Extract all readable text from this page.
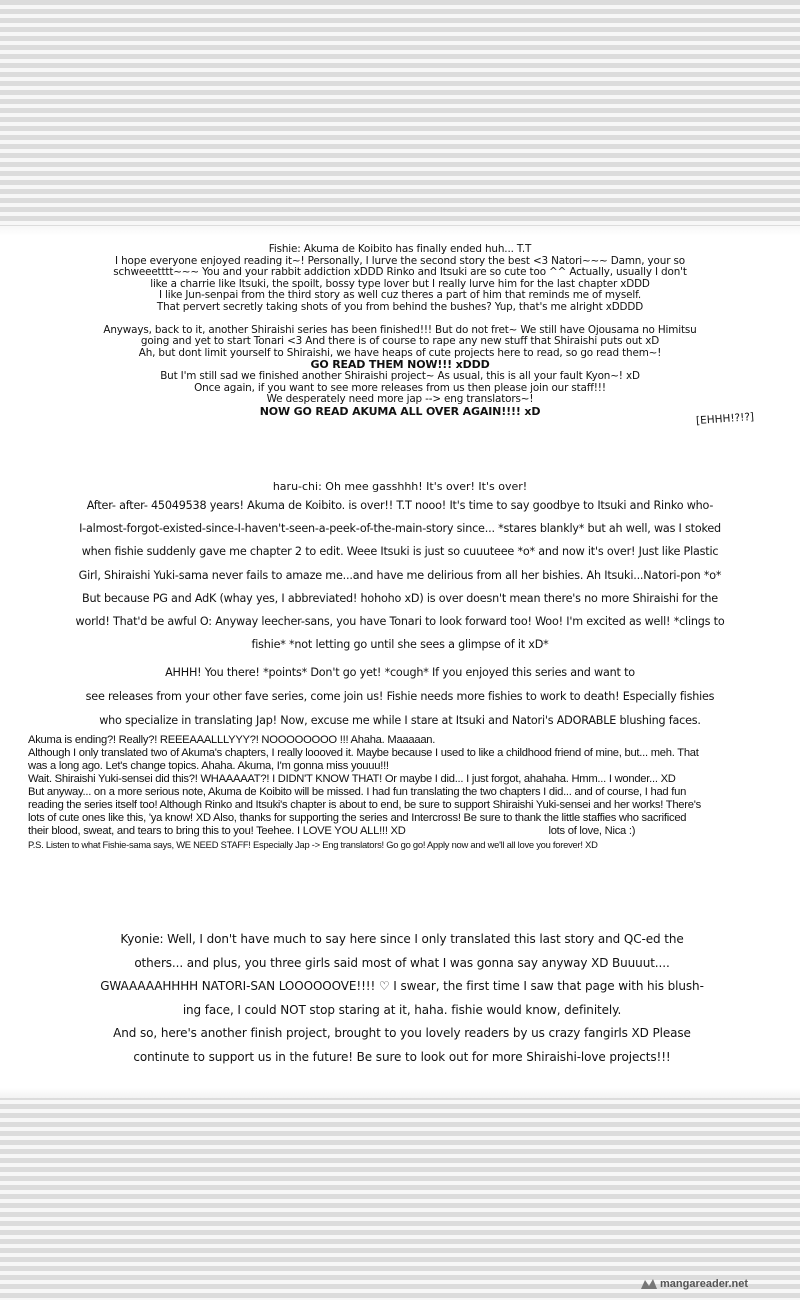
Fishie: Akuma de Koibito has finally ended huh... T.T
I hope everyone enjoyed reading it~! Personally, I lurve the second story the best <3 Natori~~~ Damn, your so
schweeetttt~~~ You and your rabbit addiction xDDD Rinko and Itsuki are so cute too ^^ Actually, usually I don't
like a charrie like Itsuki, the spoilt, bossy type lover but I really lurve him for the last chapter xDDD
I like Jun-senpai from the third story as well cuz theres a part of him that reminds me of myself.
That pervert secretly taking shots of you from behind the bushes? Yup, that's me alright xDDDD
Anyways, back to it, another Shiraishi series has been finished!!! But do not fret~ We still have Ojousama no Himitsu
going and yet to start Tonari <3 And there is of course to rape any new stuff that Shiraishi puts out xD
Ah, but dont limit yourself to Shiraishi, we have heaps of cute projects here to read, so go read them~!
GO READ THEM NOW!!! xDDD
But I'm still sad we finished another Shiraishi project~ As usual, this is all your fault Kyon~! xD
Once again, if you want to see more releases from us then please join our staff!!!
We desperately need more jap --> eng translators~!
NOW GO READ AKUMA ALL OVER AGAIN!!!! xD	[EHHH!?!?]
haru-chi: Oh mee gasshhh! It's over! It's over!
After- after- 45049538 years! Akuma de Koibito. is over!! T.T nooo! It's time to say goodbye to Itsuki and Rinko who-
I-almost-forgot-existed-since-I-haven't-seen-a-peek-of-the-main-story since... *stares blankly* but ah well, was I stoked
when fishie suddenly gave me chapter 2 to edit. Weee Itsuki is just so cuuuteee *o* and now it's over! Just like Plastic
Girl, Shiraishi Yuki-sama never fails to amaze me...and have me delirious from all her bishies. Ah Itsuki...Natori-pon *o*
But because PG and AdK (whay yes, I abbreviated! hohoho xD) is over doesn't mean there's no more Shiraishi for the
world! That'd be awful O: Anyway leecher-sans, you have Tonari to look forward too! Woo! I'm excited as well! *clings to
fishie* *not letting go until she sees a glimpse of it xD*
AHHH! You there! *points* Don't go yet! *cough* If you enjoyed this series and want to
see releases from your other fave series, come join us! Fishie needs more fishies to work to death! Especially fishies
who specialize in translating Jap! Now, excuse me while I stare at Itsuki and Natori's ADORABLE blushing faces.
Akuma is ending?! Really?! REEEAAALLLYYY?! NOOOOOOOO !!! Ahaha. Maaaaan.
Although I only translated two of Akuma's chapters, I really loooved it. Maybe because I used to like a childhood friend of mine, but... meh. That
was a long ago. Let's change topics. Ahaha. Akuma, I'm gonna miss youuu!!!
Wait. Shiraishi Yuki-sensei did this?! WHAAAAAT?! I DIDN'T KNOW THAT! Or maybe I did... I just forgot, ahahaha. Hmm... I wonder... XD
But anyway... on a more serious note, Akuma de Koibito will be missed. I had fun translating the two chapters I did... and of course, I had fun
reading the series itself too! Although Rinko and Itsuki's chapter is about to end, be sure to support Shiraishi Yuki-sensei and her works! There's
lots of cute ones like this, 'ya know! XD Also, thanks for supporting the series and Intercross! Be sure to thank the little staffies who sacrificed
their blood, sweat, and tears to bring this to you! Teehee. I LOVE YOU ALL!!! XD	lots of love, Nica :)
P.S. Listen to what Fishie-sama says, WE NEED STAFF! Especially Jap -> Eng translators! Go go go! Apply now and we'll all love you forever! XD
Kyonie: Well, I don't have much to say here since I only translated this last story and QC-ed the
others... and plus, you three girls said most of what I was gonna say anyway XD Buuuut....
GWAAAAAHHHH NATORI-SAN LOOOOOOVE!!!! ♡ I swear, the first time I saw that page with his blush-
ing face, I could NOT stop staring at it, haha. fishie would know, definitely.
And so, here's another finish project, brought to you lovely readers by us crazy fangirls XD Please
continute to support us in the future! Be sure to look out for more Shiraishi-love projects!!!
mangareader.net
